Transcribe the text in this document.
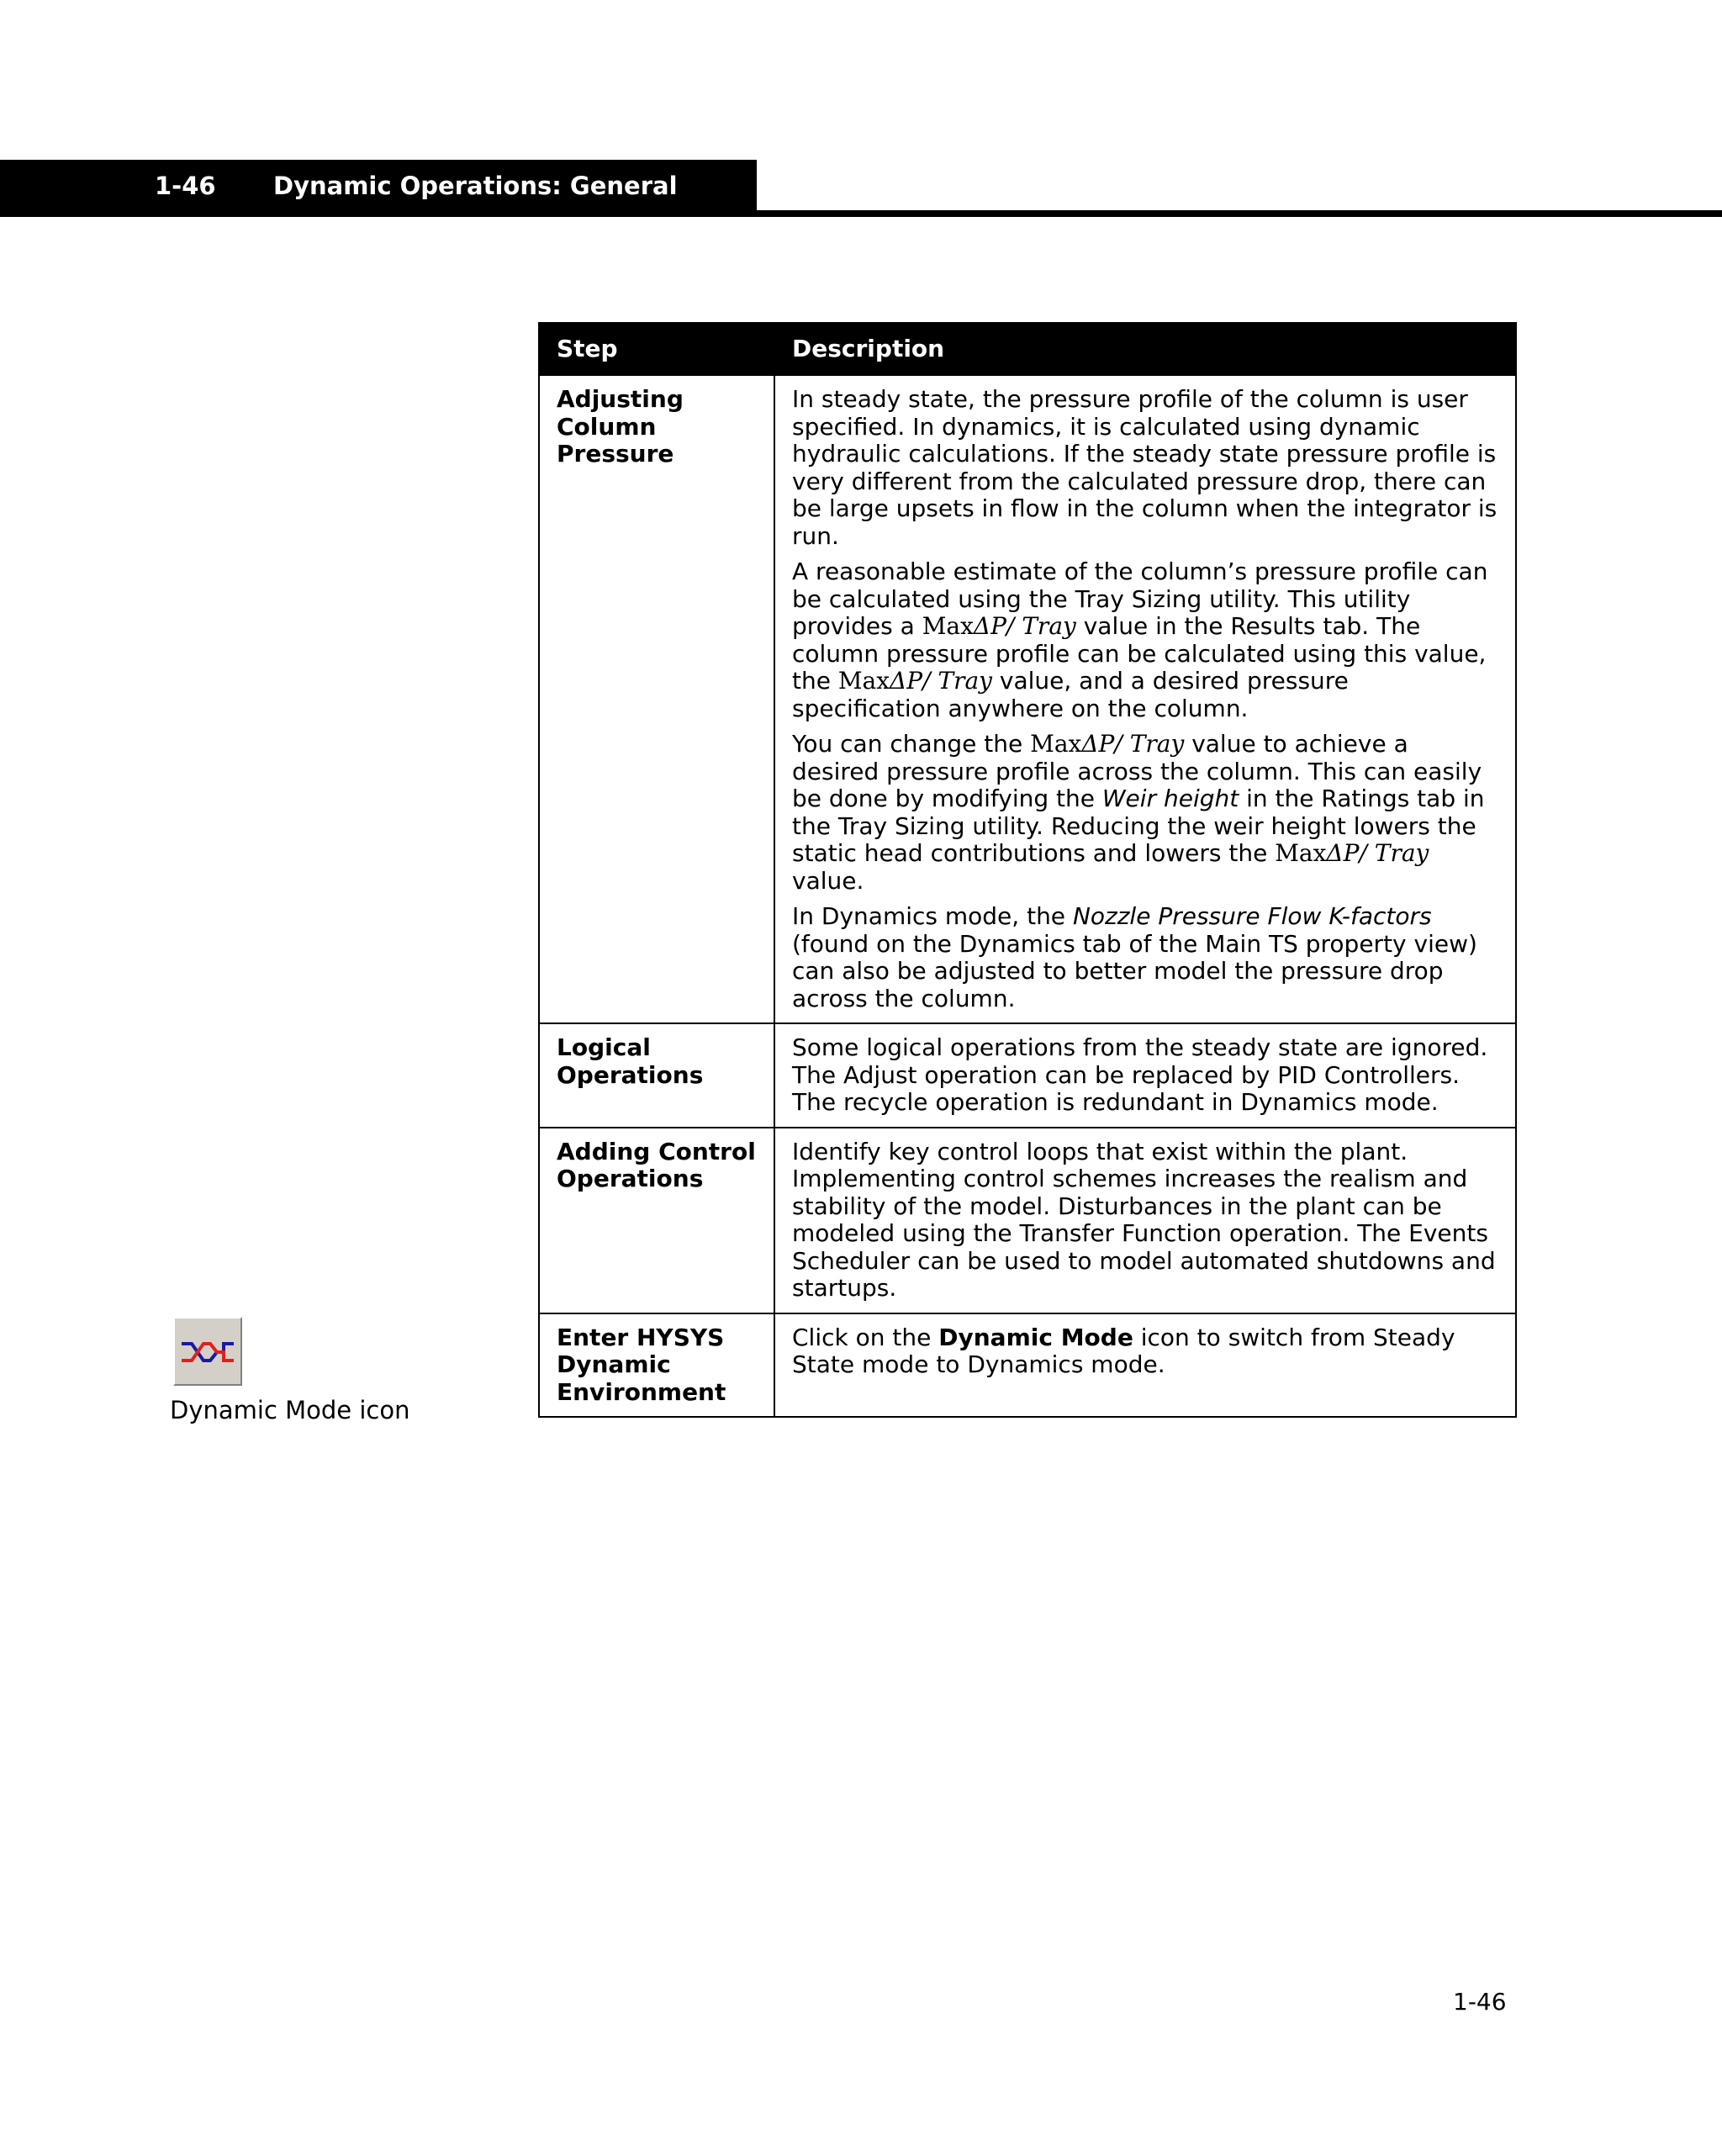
1-46 Dynamic Operations: General
Step	Description
Adjusting Column Pressure	In steady state, the pressure profile of the column is user specified. In dynamics, it is calculated using dynamic hydraulic calculations. If the steady state pressure profile is very different from the calculated pressure drop, there can be large upsets in flow in the column when the integrator is run.

A reasonable estimate of the column’s pressure profile can be calculated using the Tray Sizing utility. This utility provides a MaxΔP/ Tray value in the Results tab. The column pressure profile can be calculated using this value, the MaxΔP/ Tray value, and a desired pressure specification anywhere on the column.

You can change the MaxΔP/ Tray value to achieve a desired pressure profile across the column. This can easily be done by modifying the Weir height in the Ratings tab in the Tray Sizing utility. Reducing the weir height lowers the static head contributions and lowers the MaxΔP/ Tray value.

In Dynamics mode, the Nozzle Pressure Flow K-factors (found on the Dynamics tab of the Main TS property view) can also be adjusted to better model the pressure drop across the column.

Logical Operations	Some logical operations from the steady state are ignored. The Adjust operation can be replaced by PID Controllers. The recycle operation is redundant in Dynamics mode.

Adding Control Operations	Identify key control loops that exist within the plant. Implementing control schemes increases the realism and stability of the model. Disturbances in the plant can be modeled using the Transfer Function operation. The Events Scheduler can be used to model automated shutdowns and startups.

Enter HYSYS Dynamic Environment	Click on the Dynamic Mode icon to switch from Steady State mode to Dynamics mode.

Dynamic Mode icon
1-46
